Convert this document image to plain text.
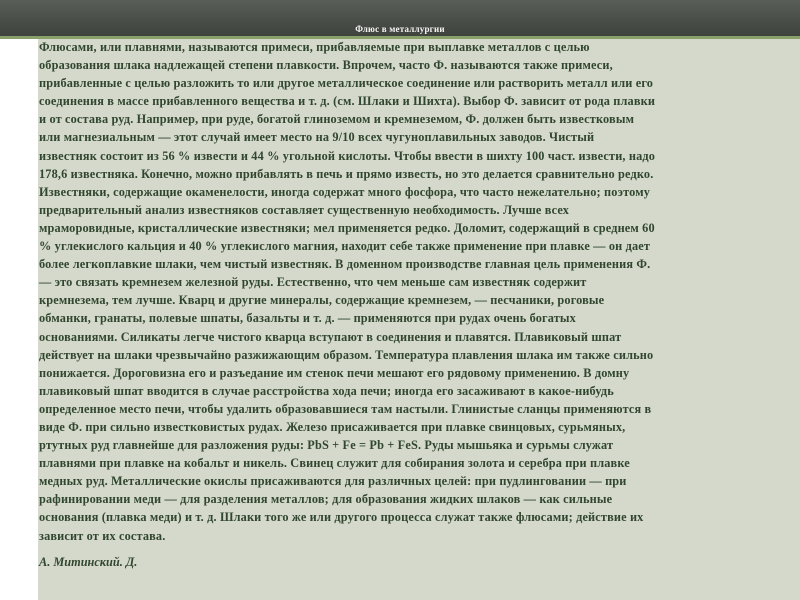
Флюс в металлургии
Флюсами, или плавнями, называются примеси, прибавляемые при выплавке металлов с целью
образования шлака надлежащей степени плавкости. Впрочем, часто Ф. называются также примеси,
прибавленные с целью разложить то или другое металлическое соединение или растворить металл или его
соединения в массе прибавленного вещества и т. д. (см. Шлаки и Шихта). Выбор Ф. зависит от рода плавки
и от состава руд. Например, при руде, богатой глиноземом и кремнеземом, Ф. должен быть известковым
или магнезиальным — этот случай имеет место на 9/10 всех чугуноплавильных заводов. Чистый
известняк состоит из 56 % извести и 44 % угольной кислоты. Чтобы ввести в шихту 100 част. извести, надо
178,6 известняка. Конечно, можно прибавлять в печь и прямо известь, но это делается сравнительно редко.
Известняки, содержащие окаменелости, иногда содержат много фосфора, что часто нежелательно; поэтому
предварительный анализ известняков составляет существенную необходимость. Лучше всех
мраморовидные, кристаллические известняки; мел применяется редко. Доломит, содержащий в среднем 60
% углекислого кальция и 40 % углекислого магния, находит себе также применение при плавке — он дает
более легкоплавкие шлаки, чем чистый известняк. В доменном производстве главная цель применения Ф.
— это связать кремнезем железной руды. Естественно, что чем меньше сам известняк содержит
кремнезема, тем лучше. Кварц и другие минералы, содержащие кремнезем, — песчаники, роговые
обманки, гранаты, полевые шпаты, базальты и т. д. — применяются при рудах очень богатых
основаниями. Силикаты легче чистого кварца вступают в соединения и плавятся. Плавиковый шпат
действует на шлаки чрезвычайно разжижающим образом. Температура плавления шлака им также сильно
понижается. Дороговизна его и разъедание им стенок печи мешают его рядовому применению. В домну
плавиковый шпат вводится в случае расстройства хода печи; иногда его засаживают в какое-нибудь
определенное место печи, чтобы удалить образовавшиеся там настыли. Глинистые сланцы применяются в
виде Ф. при сильно известковистых рудах. Железо присаживается при плавке свинцовых, сурьмяных,
ртутных руд главнейше для разложения руды: PbS + Fe = Pb + FeS. Руды мышьяка и сурьмы служат
плавнями при плавке на кобальт и никель. Свинец служит для собирания золота и серебра при плавке
медных руд. Металлические окислы присаживаются для различных целей: при пудлинговании — при
рафинировании меди — для разделения металлов; для образования жидких шлаков — как сильные
основания (плавка меди) и т. д. Шлаки того же или другого процесса служат также флюсами; действие их
зависит от их состава.
А. Митинский. Д.
